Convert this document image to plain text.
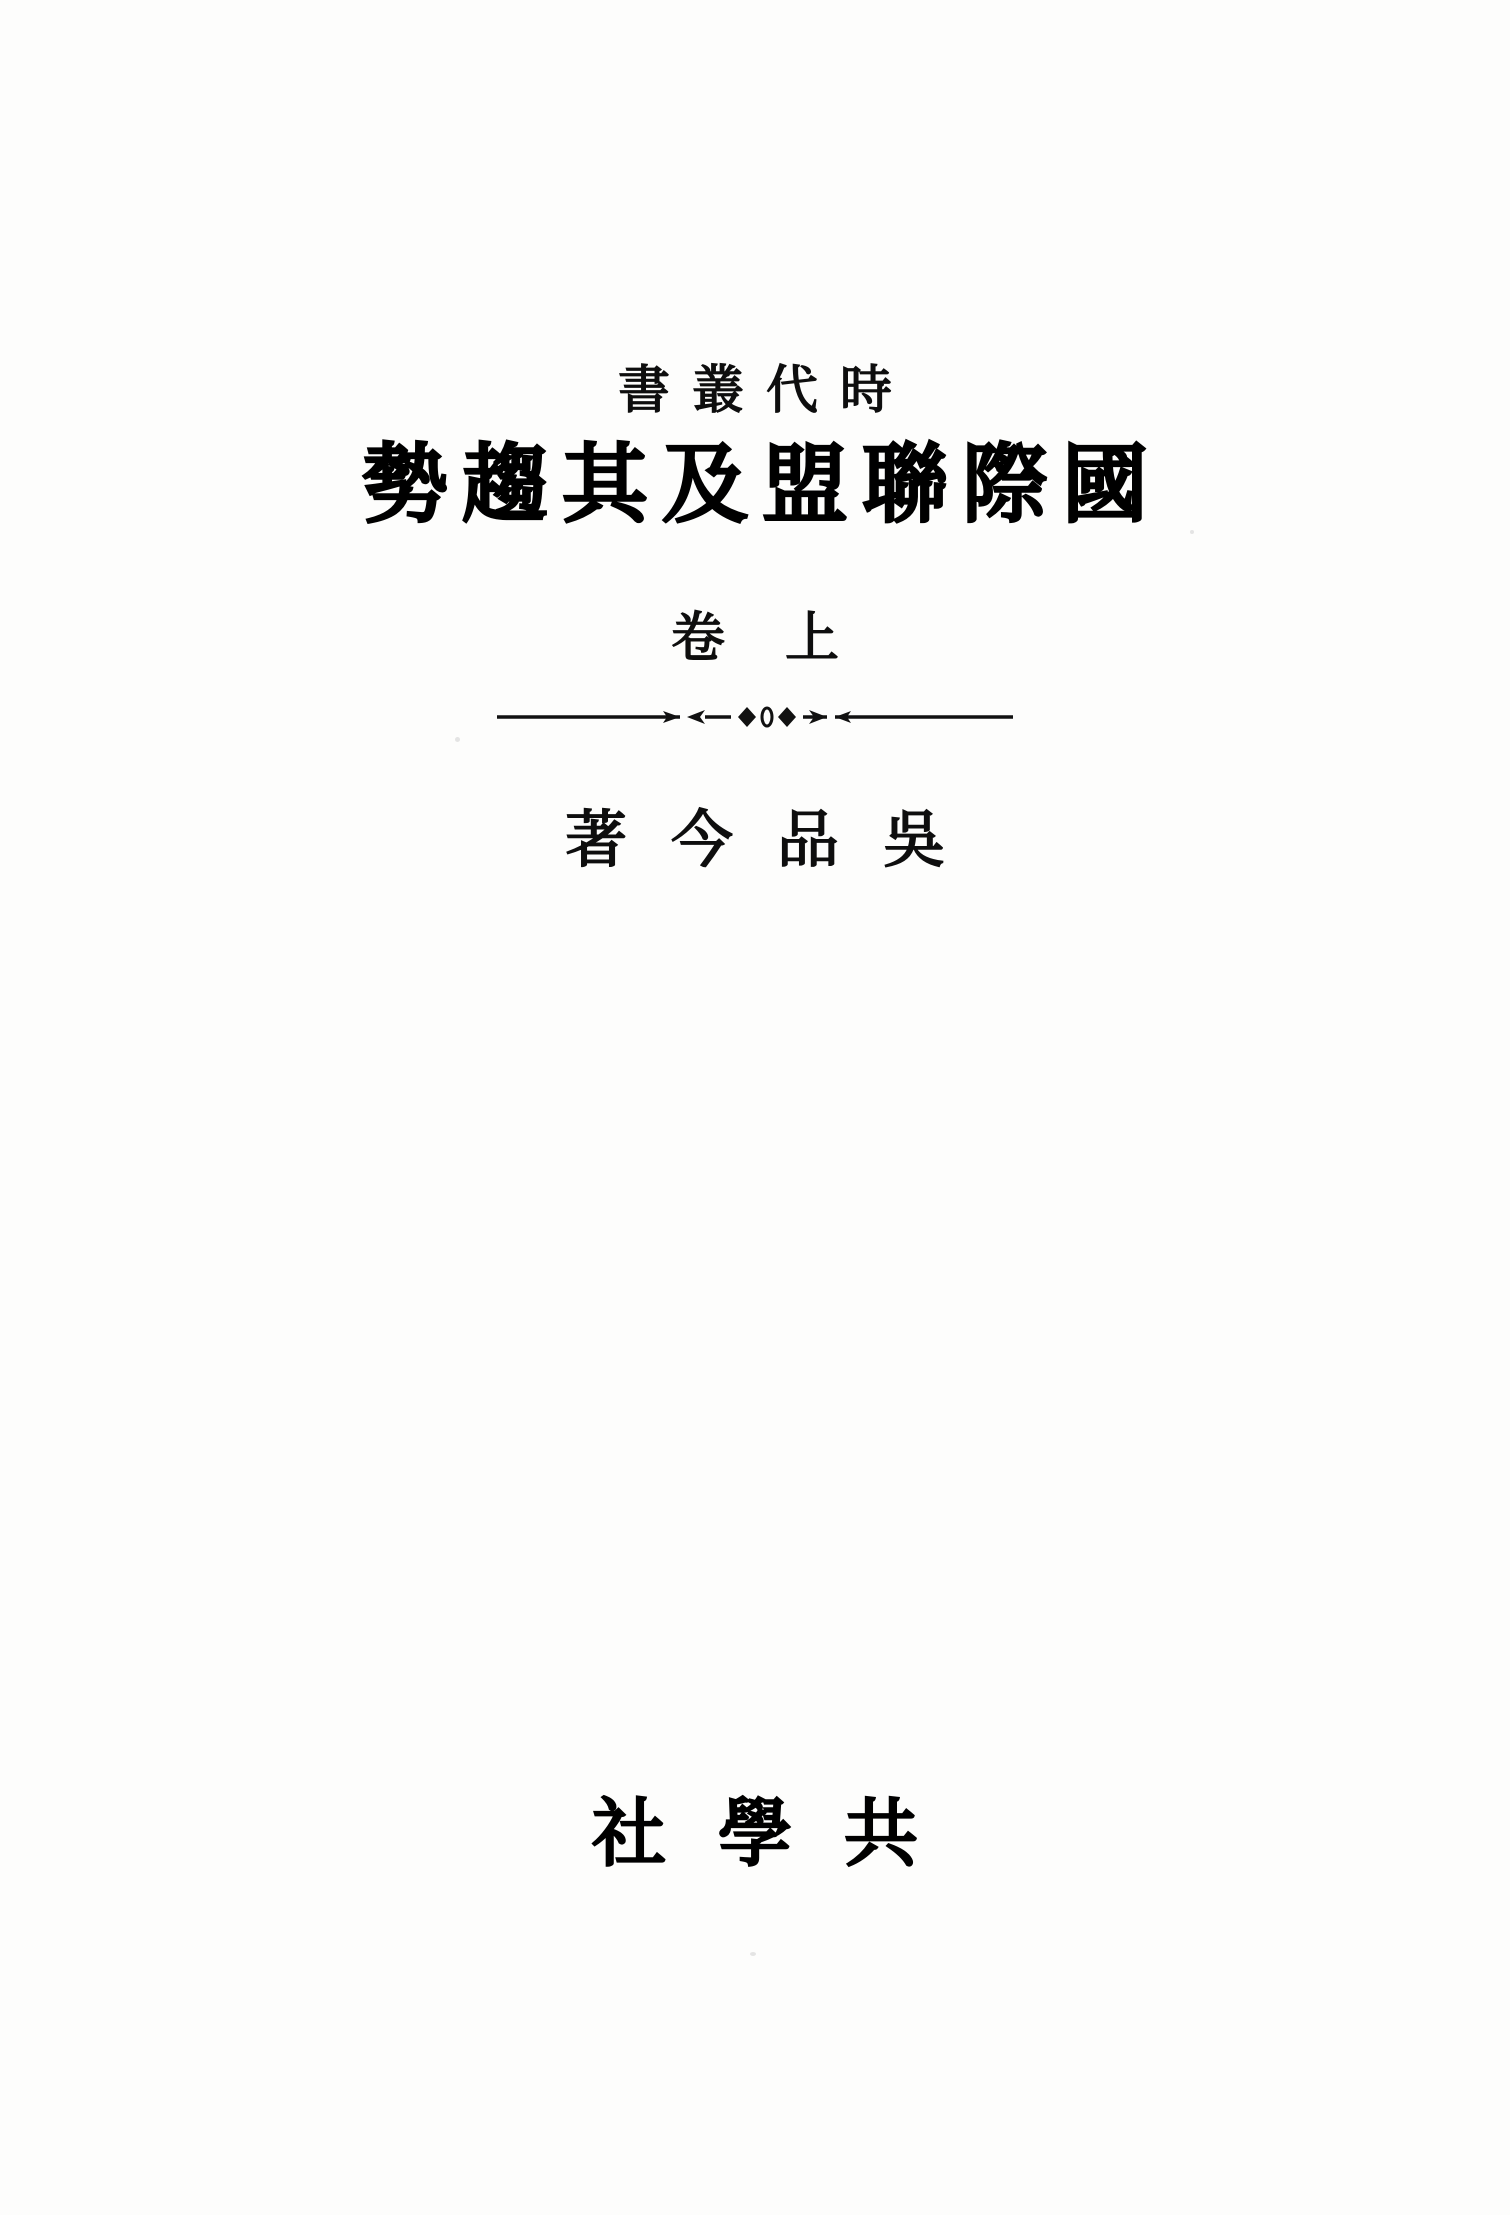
書叢代時
勢趨其及盟聯際國
卷上
著今品吳
社學共
